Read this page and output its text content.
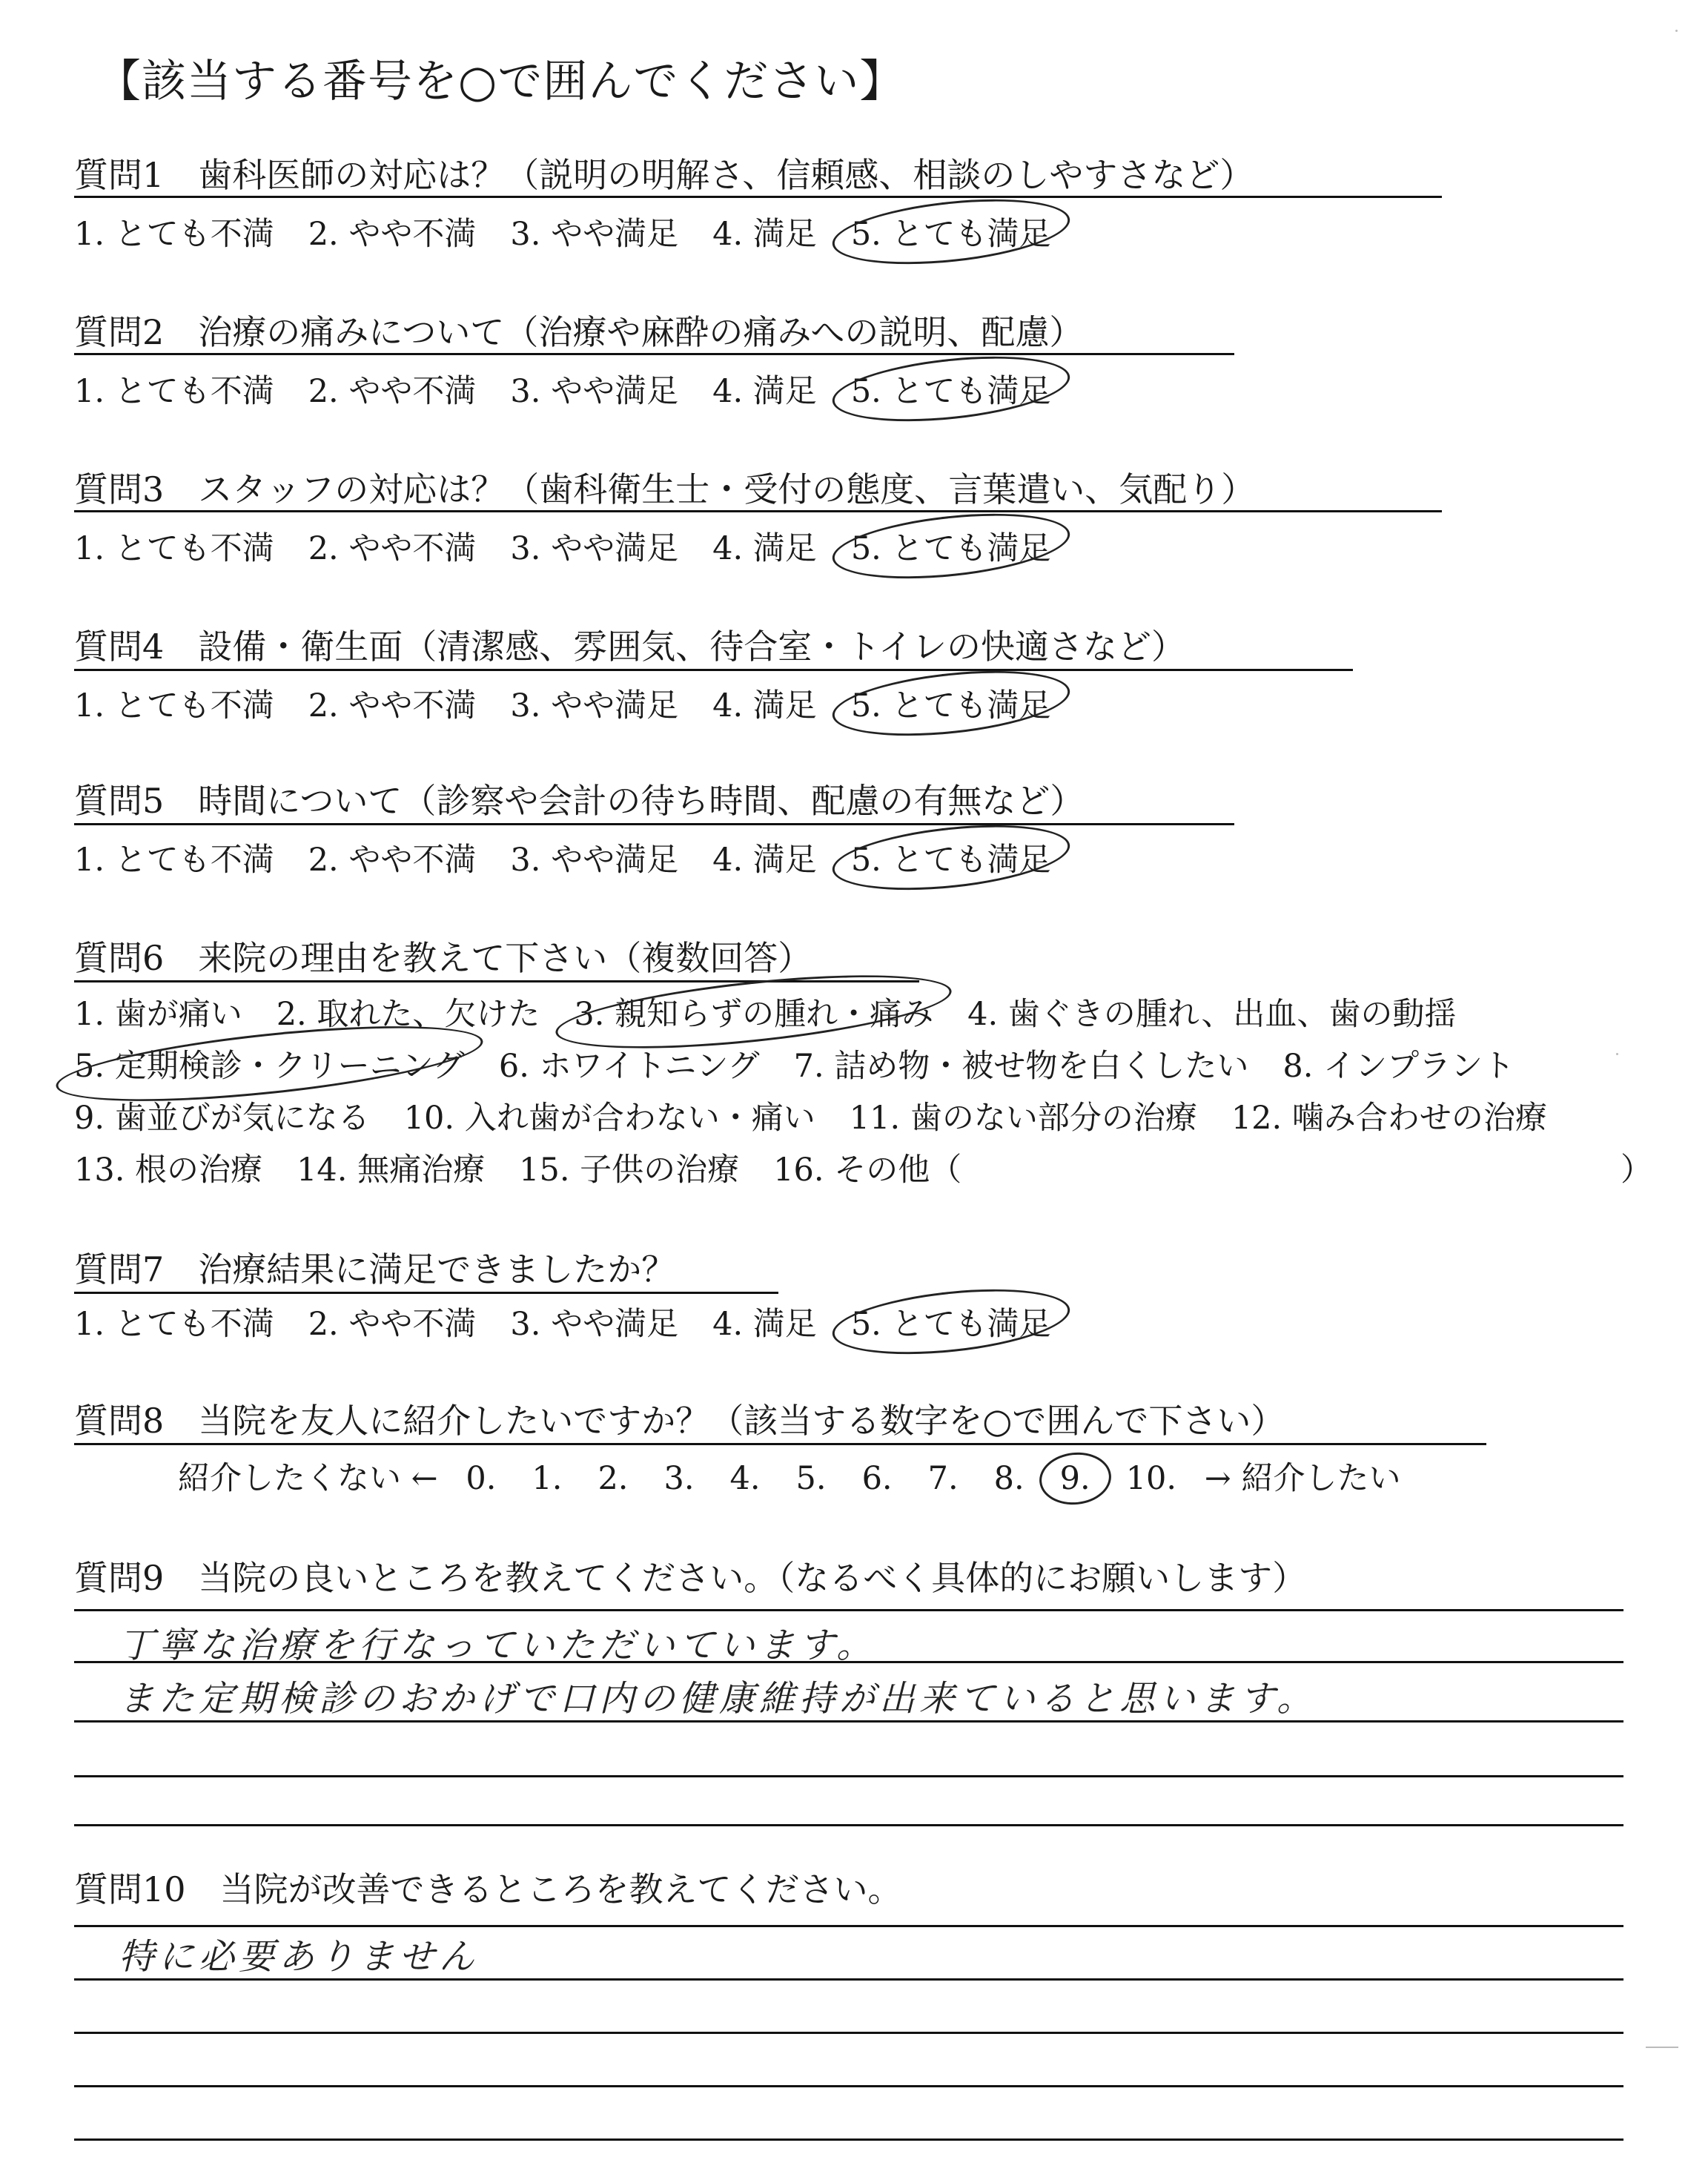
【該当する番号を○で囲んでください】
質問1　歯科医師の対応は？（説明の明解さ、信頼感、相談のしやすさなど）
1. とても不満 2. やや不満 3. やや満足 4. 満足 5. とても満足
質問2　治療の痛みについて（治療や麻酔の痛みへの説明、配慮）
1. とても不満 2. やや不満 3. やや満足 4. 満足 5. とても満足
質問3　スタッフの対応は？（歯科衛生士・受付の態度、言葉遣い、気配り）
1. とても不満 2. やや不満 3. やや満足 4. 満足 5. とても満足
質問4　設備・衛生面（清潔感、雰囲気、待合室・トイレの快適さなど）
1. とても不満 2. やや不満 3. やや満足 4. 満足 5. とても満足
質問5　時間について（診察や会計の待ち時間、配慮の有無など）
1. とても不満 2. やや不満 3. やや満足 4. 満足 5. とても満足
質問6　来院の理由を教えて下さい（複数回答）
1. 歯が痛い 2. 取れた、欠けた 3. 親知らずの腫れ・痛み 4. 歯ぐきの腫れ、出血、歯の動揺
5. 定期検診・クリーニング 6. ホワイトニング 7. 詰め物・被せ物を白くしたい 8. インプラント
9. 歯並びが気になる 10. 入れ歯が合わない・痛い 11. 歯のない部分の治療 12. 噛み合わせの治療
13. 根の治療 14. 無痛治療 15. 子供の治療 16. その他（	）
質問7　治療結果に満足できましたか？
1. とても不満 2. やや不満 3. やや満足 4. 満足 5. とても満足
質問8　当院を友人に紹介したいですか？（該当する数字を○で囲んで下さい）
紹介したくない ← 0. 1. 2. 3. 4. 5. 6. 7. 8. 9. 10. → 紹介したい
質問9　当院の良いところを教えてください。（なるべく具体的にお願いします）
丁寧な治療を行なっていただいています。
また定期検診のおかげで口内の健康維持が出来ていると思います。
質問10　当院が改善できるところを教えてください。
特に必要ありません
